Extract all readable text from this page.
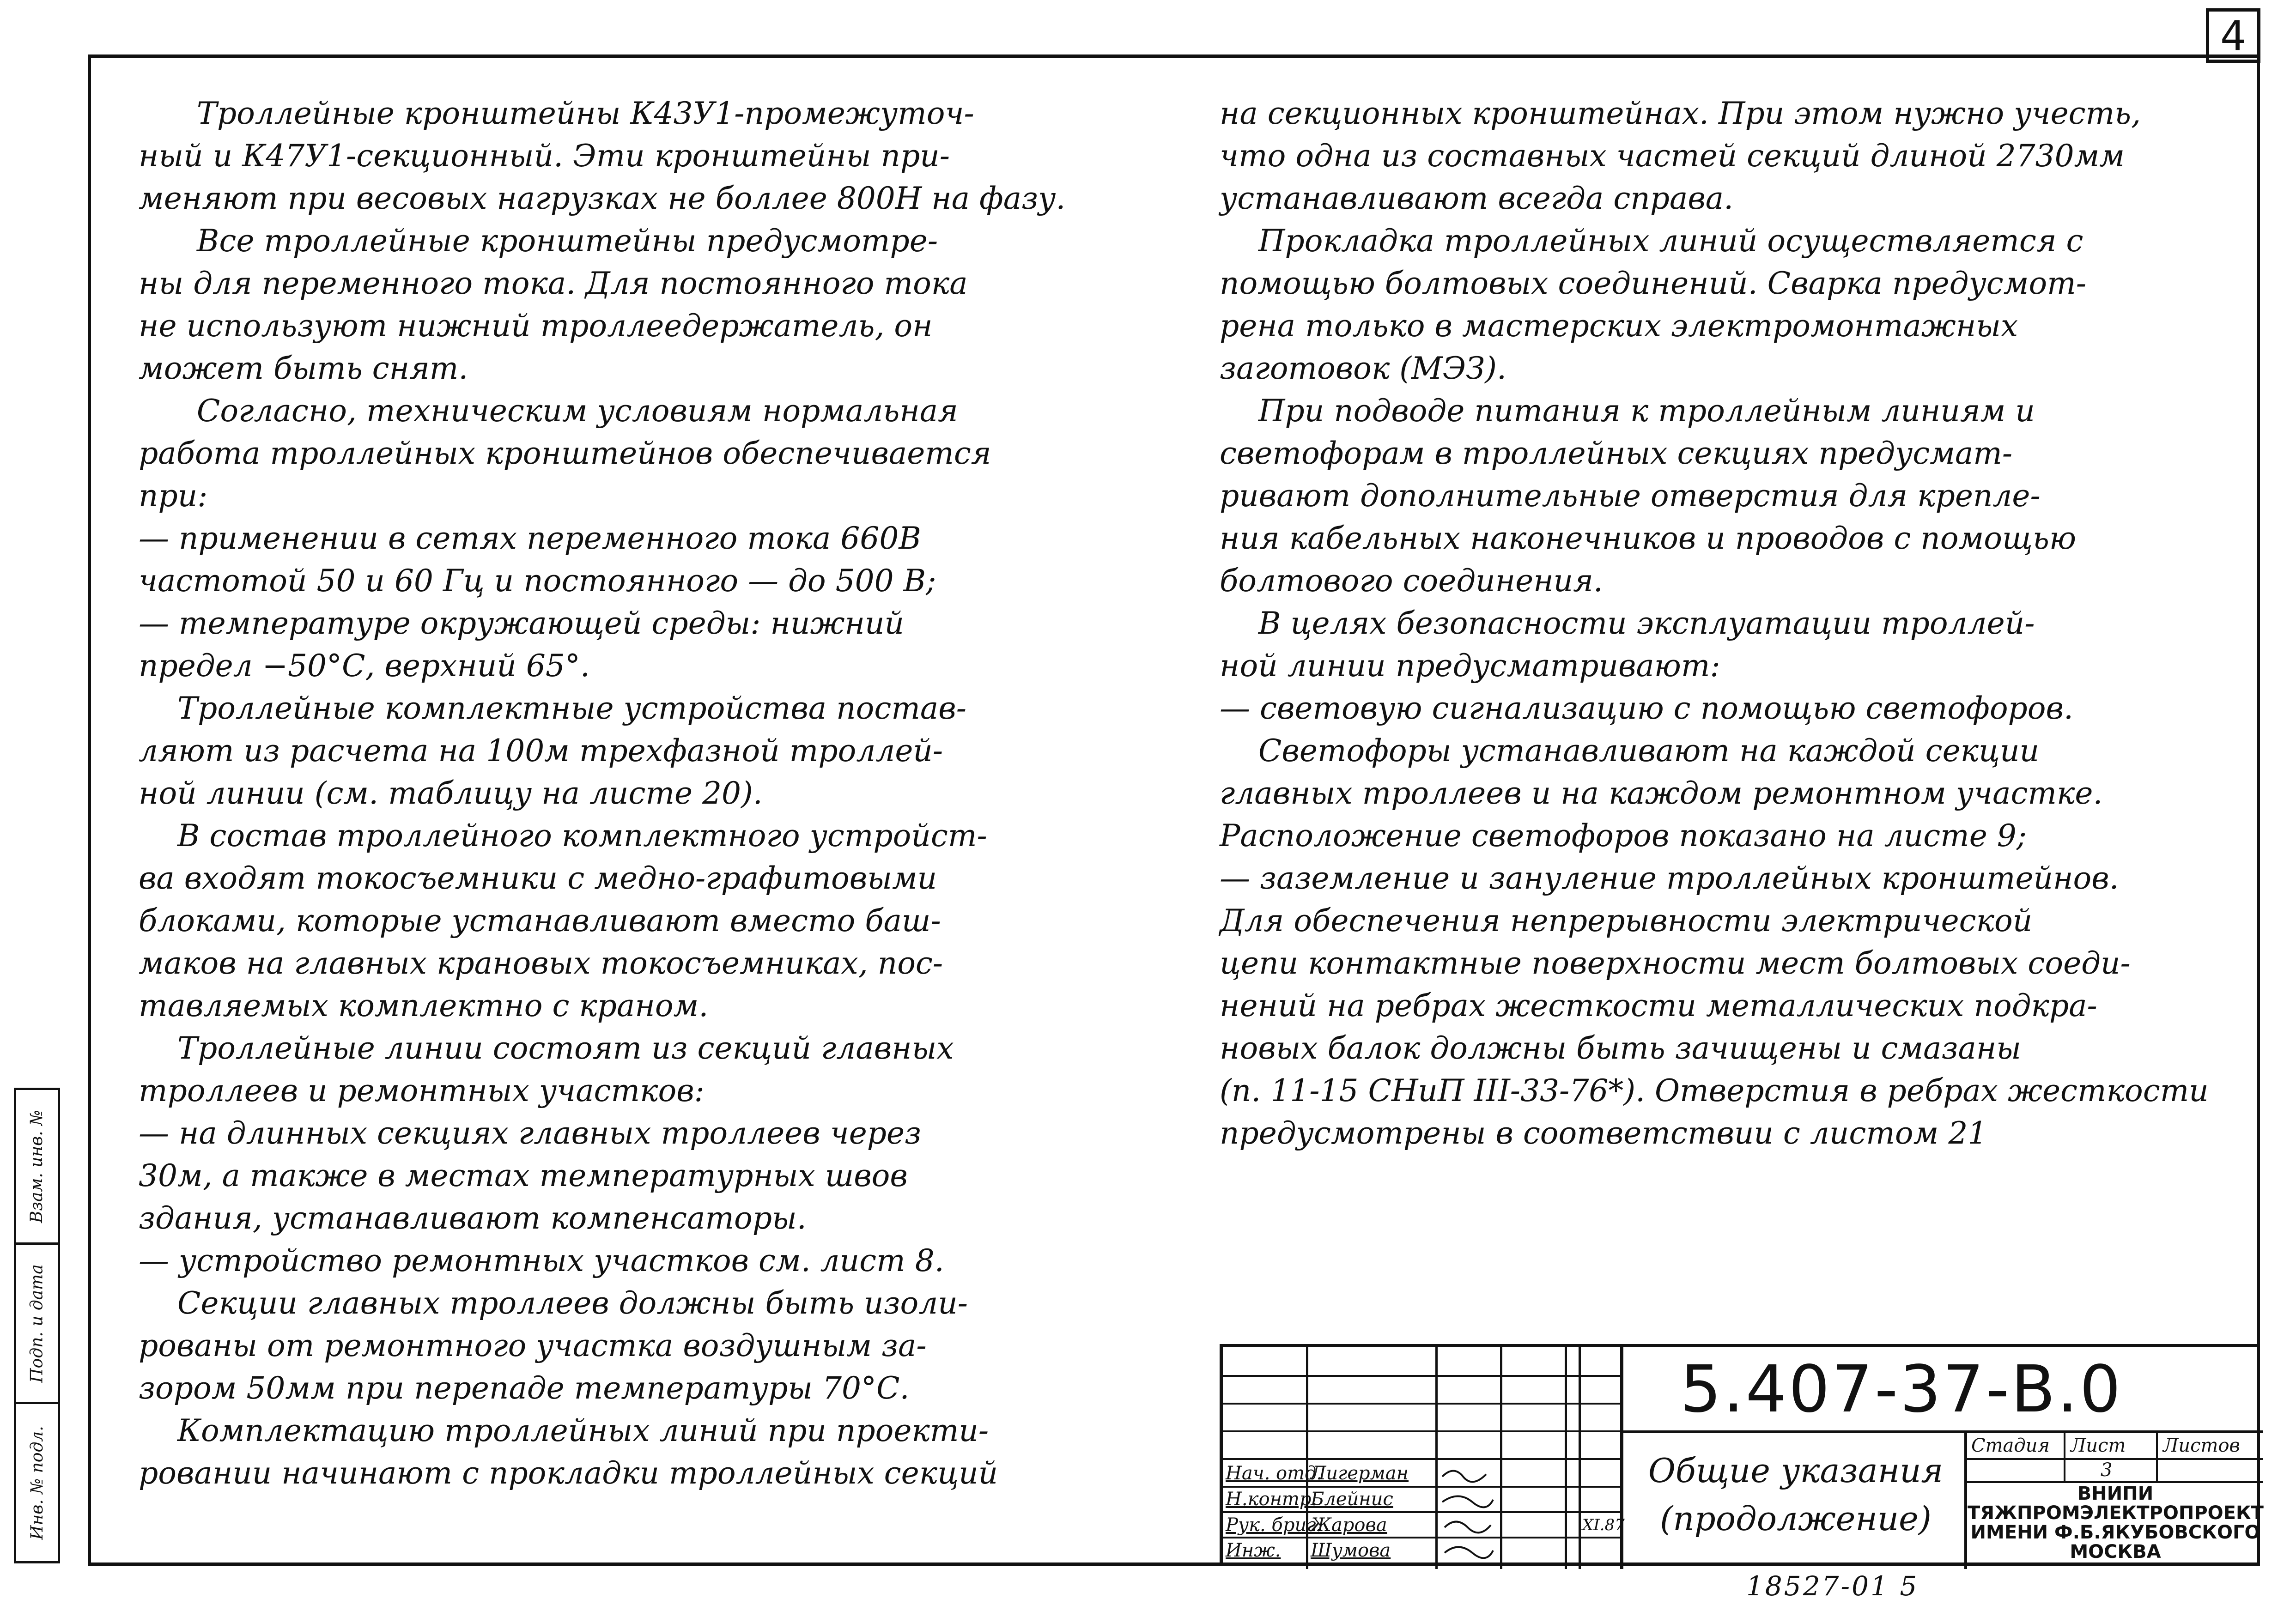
4
Троллейные кронштейны К43У1-промежуточ-
ный и К47У1-секционный. Эти кронштейны при-
меняют при весовых нагрузках не боллее 800Н на фазу.
Все троллейные кронштейны предусмотре-
ны для переменного тока. Для постоянного тока
не используют нижний троллеедержатель, он
может быть снят.
Согласно, техническим условиям нормальная
работа троллейных кронштейнов обеспечивается
при:
— применении в сетях переменного тока 660В
частотой 50 и 60 Гц и постоянного — до 500 В;
— температуре окружающей среды: нижний
предел −50°С, верхний 65°.
Троллейные комплектные устройства постав-
ляют из расчета на 100м трехфазной троллей-
ной линии (см. таблицу на листе 20).
В состав троллейного комплектного устройст-
ва входят токосъемники с медно-графитовыми
блоками, которые устанавливают вместо баш-
маков на главных крановых токосъемниках, пос-
тавляемых комплектно с краном.
Троллейные линии состоят из секций главных
троллеев и ремонтных участков:
— на длинных секциях главных троллеев через
30м, а также в местах температурных швов
здания, устанавливают компенсаторы.
— устройство ремонтных участков см. лист 8.
Секции главных троллеев должны быть изоли-
рованы от ремонтного участка воздушным за-
зором 50мм при перепаде температуры 70°С.
Комплектацию троллейных линий при проекти-
ровании начинают с прокладки троллейных секций
на секционных кронштейнах. При этом нужно учесть,
что одна из составных частей секций длиной 2730мм
устанавливают всегда справа.
Прокладка троллейных линий осуществляется с
помощью болтовых соединений. Сварка предусмот-
рена только в мастерских электромонтажных
заготовок (МЭЗ).
При подводе питания к троллейным линиям и
светофорам в троллейных секциях предусмат-
ривают дополнительные отверстия для крепле-
ния кабельных наконечников и проводов с помощью
болтового соединения.
В целях безопасности эксплуатации троллей-
ной линии предусматривают:
— световую сигнализацию с помощью светофоров.
Светофоры устанавливают на каждой секции
главных троллеев и на каждом ремонтном участке.
Расположение светофоров показано на листе 9;
— заземление и зануление троллейных кронштейнов.
Для обеспечения непрерывности электрической
цепи контактные поверхности мест болтовых соеди-
нений на ребрах жесткости металлических подкра-
новых балок должны быть зачищены и смазаны
(п. 11-15 СНиП III-33-76*). Отверстия в ребрах жесткости
предусмотрены в соответствии с листом 21
Взам. инв. №
Подп. и дата
Инв. № подл.
5.407-37-В.0
Общие указания
(продолжение)
Стадия Лист Листов
3
ВНИПИ
ТЯЖПРОМЭЛЕКТРОПРОЕКТ
ИМЕНИ Ф.Б.ЯКУБОВСКОГО
МОСКВА
Нач. отд.
Лигерман
Н.контр.
Блейнис
Рук. бриг.
Жарова
Инж. Шумова
XI.87
18527-01 5
